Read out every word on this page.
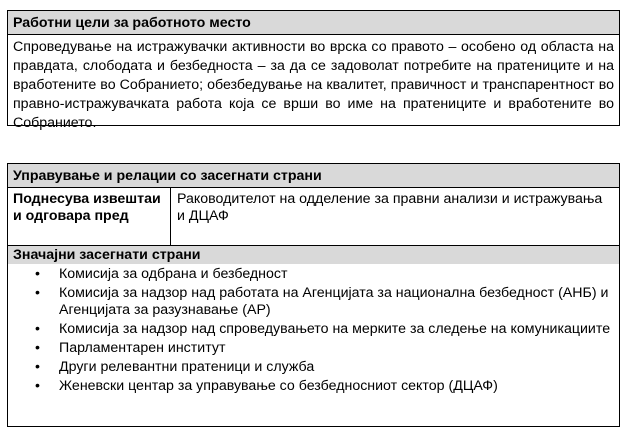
Работни цели за работното место
Спроведување на истражувачки активности во врска со правото – особено од областа на правдата, слободата и безбедноста – за да се задоволат потребите на пратениците и на вработените во Собранието; обезбедување на квалитет, правичност и транспарентност во правно-истражувачката работа која се врши во име на пратениците и вработените во Собранието.
Управување и релации со засегнати страни
Поднесува извештаи и одговара пред
Раководителот на одделение за правни анализи и истражувања и ДЦАФ
Значајни засегнати страни
• Комисија за одбрана и безбедност
• Комисија за надзор над работата на Агенцијата за национална безбедност (АНБ) и Агенцијата за разузнавање (АР)
• Комисија за надзор над спроведувањето на мерките за следење на комуникациите
• Парламентарен институт
• Други релевантни пратеници и служба
• Женевски центар за управување со безбедносниот сектор (ДЦАФ)
